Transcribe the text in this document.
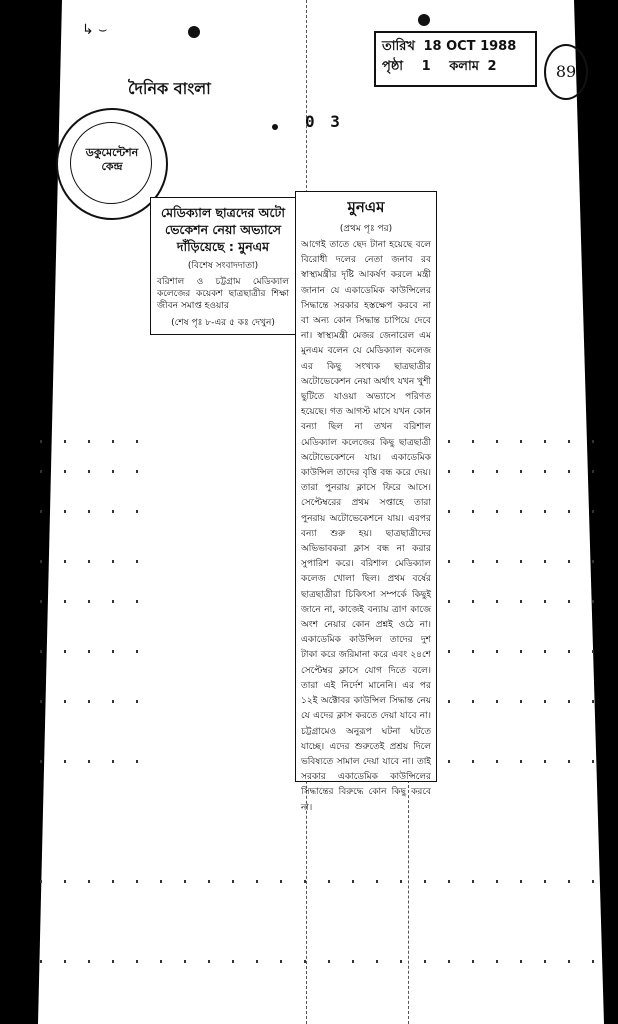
↳ ⌣
দৈনিক বাংলা
0 3
তারিখ 18 OCT 1988
পৃষ্ঠা 1 কলাম 2	89
ডকুমেন্টেশন কেন্দ্র
মেডিক্যাল ছাত্রদের অটো ভেকেশন নেয়া অভ্যাসে দাঁড়িয়েছে : মুনএম
(বিশেষ সংবাদদাতা)
বরিশাল ও চট্টগ্রাম মেডিক্যাল কলেজের কয়েকশ ছাত্রছাত্রীর শিক্ষা জীবন সমাপ্ত হওয়ার
(শেষ পৃঃ ৮-এর ৫ কঃ দেখুন)
মুনএম
(প্রথম পৃঃ পর)
আগেই তাতে ছেদ টানা হয়েছে বলে বিরোধী দলের নেতা জনাব রব স্বাস্থ্যমন্ত্রীর দৃষ্টি আকর্ষণ করলে মন্ত্রী জানান যে একাডেমিক কাউন্সিলের সিদ্ধান্তে সরকার হস্তক্ষেপ করবে না বা অন্য কোন সিদ্ধান্ত চাপিয়ে দেবে না। স্বাস্থ্যমন্ত্রী মেজর জেনারেল এম মুনএম বলেন যে মেডিক্যাল কলেজ এর কিছু সংখ্যক ছাত্রছাত্রীর অটোভেকেশন নেয়া অর্থাৎ যখন খুশী ছুটিতে যাওয়া অভ্যাসে পরিণত হয়েছে। গত আগস্ট মাসে যখন কোন বন্যা ছিল না তখন বরিশাল মেডিক্যাল কলেজের কিছু ছাত্রছাত্রী অটোভেকেশনে যায়। একাডেমিক কাউন্সিল তাদের বৃত্তি বন্ধ করে দেয়। তারা পুনরায় ক্লাসে ফিরে আসে। সেপ্টেম্বরের প্রথম সপ্তাহে তারা পুনরায় অটোভেকেশনে যায়। এরপর বন্যা শুরু হয়। ছাত্রছাত্রীদের অভিভাবকরা ক্লাস বন্ধ না করার সুপারিশ করে। বরিশাল মেডিক্যাল কলেজ খোলা ছিল। প্রথম বর্ষের ছাত্রছাত্রীরা চিকিৎসা সম্পর্কে কিছুই জানে না, কাজেই বন্যায় ত্রাণ কাজে অংশ নেয়ার কোন প্রশ্নই ওঠে না। একাডেমিক কাউন্সিল তাদের দুশ টাকা করে জরিমানা করে এবং ২৪শে সেপ্টেম্বর ক্লাসে যোগ দিতে বলে। তারা এই নির্দেশ মানেনি। এর পর ১২ই অক্টোবর কাউন্সিল সিদ্ধান্ত নেয় যে এদের ক্লাস করতে দেয়া যাবে না। চট্টগ্রামেও অনুরূপ ঘটনা ঘটতে যাচ্ছে। এদের শুরুতেই প্রশ্রয় দিলে ভবিষ্যতে সামাল দেয়া যাবে না। তাই সরকার একাডেমিক কাউন্সিলের সিদ্ধান্তের বিরুদ্ধে কোন কিছু করবে না।
